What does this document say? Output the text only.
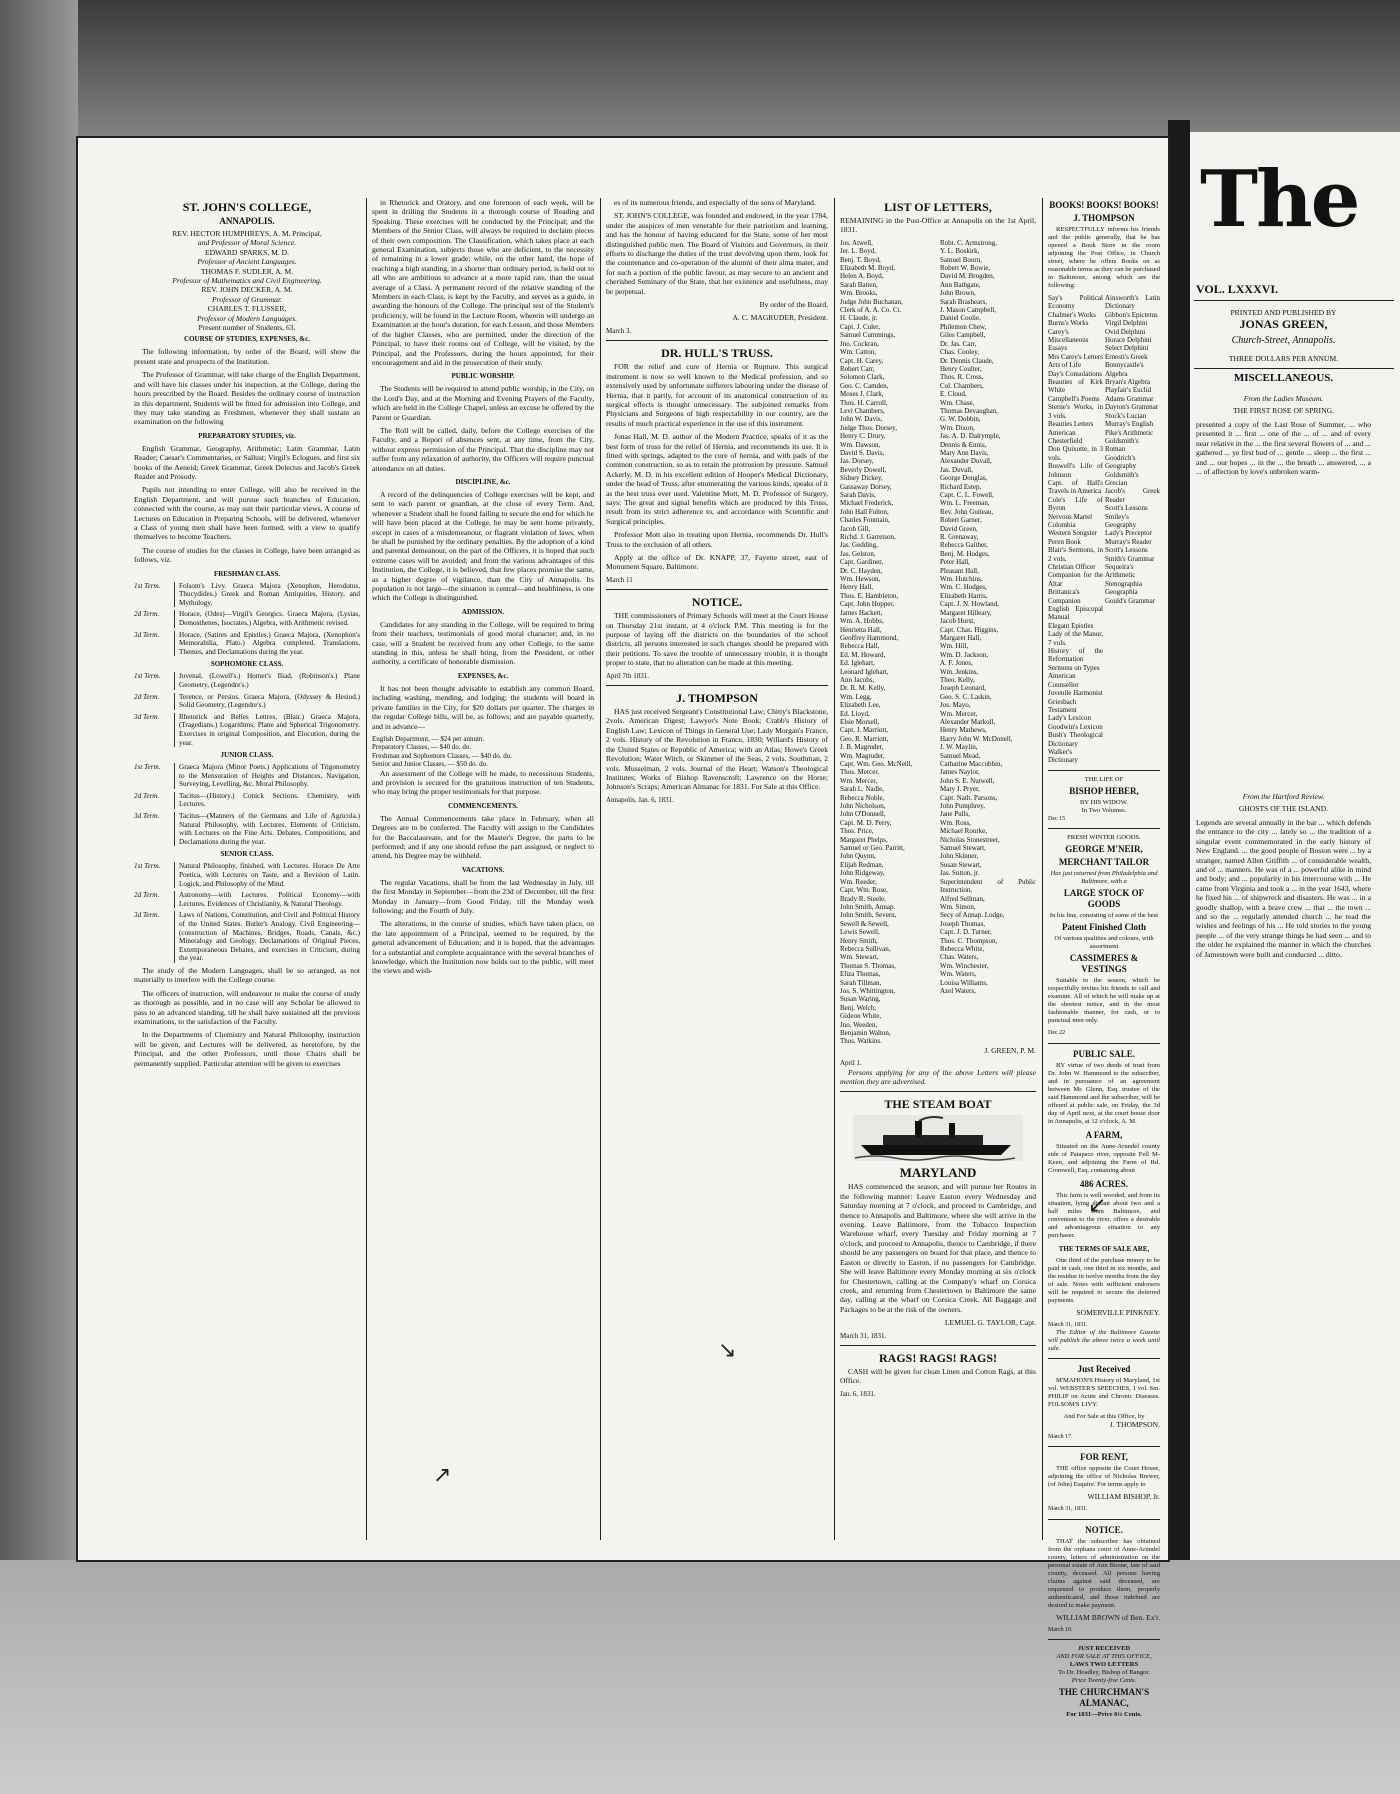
ST. JOHN'S COLLEGE,
ANNAPOLIS.
REV. HECTOR HUMPHREYS, A. M. Principal,
and Professor of Moral Science.
EDWARD SPARKS, M. D.
Professor of Ancient Languages.
THOMAS F. SUDLER, A. M.
Professor of Mathematics and Civil Engineering.
REV. JOHN DECKER, A. M.
Professor of Grammar.
CHARLES T. FLUSSER,
Professor of Modern Languages.
Present number of Students, 63.
COURSE OF STUDIES, EXPENSES, &c.

The following information, by order of the Board, will show the present state and prospects of the Institution.

The Professor of Grammar, will take charge of the English Department, and will have his classes under his inspection, at the College, during the hours prescribed by the Board. Besides the ordinary course of instruction in this department, Students will be fitted for admission into College, and they may take standing as Freshmen, whenever they shall sustain an examination on the following

PREPARATORY STUDIES, viz.

English Grammar, Geography, Arithmetic; Latin Grammar, Latin Reader; Caesar's Commentaries, or Sallust; Virgil's Eclogues, and first six books of the Aeneid; Greek Grammar, Greek Delectus and Jacob's Greek Reader and Prosody.

Pupils not intending to enter College, will also be received in the English Department, and will pursue such branches of Education, connected with the course, as may suit their particular views. A course of Lectures on Education in Preparing Schools, will be delivered, whenever a Class of young men shall have been formed, with a view to qualify themselves to become Teachers.

The course of studies for the classes in College, have been arranged as follows, viz.

FRESHMAN CLASS.
1st Term.	Folsom's Livy. Graeca Majora (Xenophon, Herodotus, Thucydides.) Greek and Roman Antiquities, History, and Mythology.
2d Term.	Horace, (Odes)—Virgil's Georgics. Graeca Majora, (Lysias, Demosthenes, Isocrates.) Algebra, with Arithmetic revised.
3d Term.	Horace, (Satires and Epistles.) Graeca Majora, (Xenophon's Memorabilia, Plato.) Algebra completed. Translations, Themes, and Declamations during the year.
SOPHOMORE CLASS.
1st Term.	Juvenal, (Lowell's.) Homer's Iliad, (Robinson's.) Plane Geometry, (Legendre's.)
2d Term.	Terence, or Persius. Graeca Majora, (Odyssey & Hesiod.) Solid Geometry, (Legendre's.)
3d Term.	Rhetorick and Belles Lettres, (Blair.) Graeca Majora, (Tragedians.) Logarithms; Plane and Spherical Trigonometry. Exercises in original Composition, and Elocution, during the year.
JUNIOR CLASS.
1st Term.	Graeca Majora (Minor Poets.) Applications of Trigonometry to the Mensuration of Heights and Distances, Navigation, Surveying, Levelling, &c. Moral Philosophy.
2d Term.	Tacitus—(History.) Conick Sections. Chemistry, with Lectures.
3d Term.	Tacitus—(Manners of the Germans and Life of Agricola.) Natural Philosophy, with Lectures. Elements of Criticism, with Lectures on the Fine Arts. Debates, Compositions, and Declamations during the year.
SENIOR CLASS.
1st Term.	Natural Philosophy, finished, with Lectures. Horace De Arte Poetica, with Lectures on Taste, and a Revision of Latin. Logick, and Philosophy of the Mind.
2d Term.	Astronomy—with Lectures. Political Economy—with Lectures. Evidences of Christianity, & Natural Theology.
3d Term.	Laws of Nations, Constitution, and Civil and Political History of the United States. Butler's Analogy. Civil Engineering—(construction of Machines, Bridges, Roads, Canals, &c.) Mineralogy and Geology. Declamations of Original Pieces, Extemporaneous Debates, and exercises in Criticism, during the year.

The study of the Modern Languages, shall be so arranged, as not materially to interfere with the College course.

The officers of instruction, will endeavour to make the course of study as thorough as possible, and in no case will any Scholar be allowed to pass to an advanced standing, till he shall have sustained all the previous examinations, to the satisfaction of the Faculty.

In the Departments of Chemistry and Natural Philosophy, instruction will be given, and Lectures will be delivered, as heretofore, by the Principal, and the other Professors, until those Chairs shall be permanently supplied. Particular attention will be given to exercises

in Rhetorick and Oratory, and one forenoon of each week, will be spent in drilling the Students in a thorough course of Reading and Speaking. These exercises will be conducted by the Principal; and the Members of the Senior Class, will always be required to declaim pieces of their own composition. The Classification, which takes place at each general Examination, subjects those who are deficient, to the necessity of remaining in a lower grade; while, on the other hand, the hope of reaching a high standing, in a shorter than ordinary period, is held out to all who are ambitious to advance at a more rapid rate, than the usual average of a Class. A permanent record of the relative standing of the Members in each Class, is kept by the Faculty, and serves as a guide, in awarding the honours of the College. The principal test of the Student's proficiency, will be found in the Lecture Room, wherein will undergo an Examination at the hour's duration, for each Lesson, and those Members of the higher Classes, who are permitted, under the direction of the Principal, to have their rooms out of College, will be visited, by the Principal, and the Professors, during the hours appointed, for their encouragement and aid in the prosecution of their study.

PUBLIC WORSHIP.

The Students will be required to attend public worship, in the City, on the Lord's Day, and at the Morning and Evening Prayers of the Faculty, which are held in the College Chapel, unless an excuse be offered by the Parent or Guardian.

The Roll will be called, daily, before the College exercises of the Faculty, and a Report of absences sent, at any time, from the City, without express permission of the Principal. That the discipline may not suffer from any relaxation of authority, the Officers will require punctual attendance on all duties.

DISCIPLINE, &c.

A record of the delinquencies of College exercises will be kept, and sent to each parent or guardian, at the close of every Term. And, whenever a Student shall be found failing to secure the end for which he will have been placed at the College, he may be sent home privately, except in cases of a misdemeanour, or flagrant violation of laws, when he shall be punished by the ordinary penalties. By the adoption of a kind and parental demeanour, on the part of the Officers, it is hoped that such extreme cases will be avoided; and from the various advantages of this Institution, the College, it is believed, that few places promise the same, as a higher degree of vigilance, than the City of Annapolis. Its population is not large—the situation is central—and healthiness, is one which the College is distinguished.

ADMISSION.

Candidates for any standing in the College, will be required to bring from their teachers, testimonials of good moral character; and, in no case, will a Student be received from any other College, to the same standing in this, unless he shall bring, from the President, or other authority, a certificate of honorable dismission.

EXPENSES, &c.

It has not been thought advisable to establish any common Board, including washing, mending, and lodging; the students will board in private families in the City, for $20 dollars per quarter. The charges in the regular College bills, will be, as follows; and are payable quarterly, and in advance—

English Department, — $24 per annum.
Preparatory Classes, — $40 do. do.
Freshman and Sophomore Classes, — $40 do. do.
Senior and Junior Classes, — $50 do. do.

An assessment of the College will be made, to necessitous Students, and provision is secured for the gratuitous instruction of ten Students, who may bring the proper testimonials for that purpose.

COMMENCEMENTS.

The Annual Commencements take place in February, when all Degrees are to be conferred. The Faculty will assign to the Candidates for the Baccalaureate, and for the Master's Degree, the parts to be performed; and if any one should refuse the part assigned, or neglect to attend, his Degree may be withheld.

VACATIONS.

The regular Vacations, shall be from the last Wednesday in July, till the first Monday in September—from the 23d of December, till the first Monday in January—from Good Friday, till the Monday week following; and the Fourth of July.

The alterations, in the course of studies, which have taken place, on the late appointment of a Principal, seemed to be required, by the general advancement of Education; and it is hoped, that the advantages for a substantial and complete acquaintance with the several branches of knowledge, which the Institution now holds out to the public, will meet the views and wish-

es of its numerous friends, and especially of the sons of Maryland.

ST. JOHN'S COLLEGE, was founded and endowed, in the year 1784, under the auspices of men venerable for their patriotism and learning, and has the honour of having educated for the State, some of her most distinguished public men. The Board of Visitors and Governors, in their efforts to discharge the duties of the trust devolving upon them, look for the countenance and co-operation of the alumni of their alma mater, and for such a portion of the public favour, as may secure to an ancient and cherished Seminary of the State, that her existence and usefulness, may be perpetual.

By order of the Board,
A. C. MAGRUDER, President.
March 3.
DR. HULL'S TRUSS.

FOR the relief and cure of Hernia or Rupture. This surgical instrument is now so well known to the Medical profession, and so extensively used by unfortunate sufferers labouring under the disease of Hernia, that it partly, for account of its anatomical construction of its surgical effects is thought unnecessary. The subjoined remarks from Physicians and Surgeons of high respectability in our country, are the results of much practical experience in the use of this instrument.

Jonas Hall, M. D. author of the Modern Practice, speaks of it as the best form of truss for the relief of Hernia, and recommends its use. It is fitted with springs, adapted to the cure of hernia, and with pads of the common construction, so as to retain the protrusion by pressure. Samuel Ackerly, M. D. in his excellent edition of Hooper's Medical Dictionary, under the head of Truss, after enumerating the various kinds, speaks of it as the best truss ever used. Valentine Mott, M. D. Professor of Surgery, says: The great and signal benefits which are produced by this Truss, result from its strict adherence to, and accordance with Scientific and Surgical principles.

Professor Mott also in treating upon Hernia, recommends Dr. Hull's Truss to the exclusion of all others.

Apply at the office of Dr. KNAPP, 37, Fayette street, east of Monument Square, Baltimore.

March 11
NOTICE.

THE commissioners of Primary Schools will meet at the Court House on Thursday 21st instant, at 4 o'clock P.M. This meeting is for the purpose of laying off the districts on the boundaries of the school districts, all persons interested in such changes should be prepared with their petitions. To save the trouble of unnecessary trouble, it is thought proper to state, that no alteration can be made at this meeting.

April 7th 1831.
J. THOMPSON

HAS just received Sergeant's Constitutional Law; Chitty's Blackstone, 2vols. American Digest; Lawyer's Note Book; Crabb's History of English Law; Lexicon of Things in General Use; Lady Morgan's France, 2 vols. History of the Revolution in France, 1830; Willard's History of the United States or Republic of America; with an Atlas; Howe's Greek Revolution; Water Witch, or Skimmer of the Seas, 2 vols. Southman, 2 vols. Musselman, 2 vols. Journal of the Heart; Watson's Theological Institutes; Works of Bishop Ravenscroft; Lawrence on the Horse; Johnson's Scraps; American Almanac for 1831. For Sale at this Office.

Annapolis, Jan. 6, 1831.
LIST OF LETTERS,

REMAINING in the Post-Office at Annapolis on the 1st April, 1831.

Jos. Atwell,
Jer. L. Boyd,
Benj. T. Boyd,
Elizabeth M. Boyd,
Helen A. Boyd,
Sarah Batten,
Wm. Brooks,
Judge John Buchanan,
Clerk of A. A. Co. Ct.
H. Claude, jr.
Capt. J. Culer,
Samuel Cummings,
Jno. Cockran,
Wm. Catton,
Capt. H. Carey,
Robert Carr,
Solomon Clark,
Geo. C. Camden,
Moses J. Clark,
Thos. H. Carroll,
Levi Chambers,
John W. Davis,
Judge Thos. Dorsey,
Henry C. Drury,
Wm. Dawson,
David S. Davis,
Jas. Dorsey,
Beverly Dowell,
Sidney Dickey,
Gassaway Dorsey,
Sarah Davis,
Michael Frederick,
John Hall Fulton,
Charles Fountain,
Jacob Gill,
Richd. J. Garretson,
Jas. Gedding,
Jas. Gelston,
Capt. Gardiner,
Dr. C. Hayden,
Wm. Hewson,
Henry Hall,
Thos. E. Hambleton,
Capt. John Hopper,
James Hackett,
Wm. A. Hobbs,
Henrietta Hall,
Geoffrey Hammond,
Rebecca Hall,
Ed. M. Howard,
Ed. Iglehart,
Leonard Iglehart,
Ann Jacobs,
Dr. R. M. Kelly,
Wm. Legg,
Elizabeth Lee,
Ed. Lloyd,
Elsie Morsell,
Capt. J. Marriott,
Geo. R. Marriott,
J. B. Magruder,
Wm. Magruder,
Capt. Wm. Geo. McNeill,
Thos. Mercer,
Wm. Mercer,
Sarah L. Nadle,
Rebecca Noble,
John Nicholson,
John O'Donnell,
Capt. M. D. Perry,
Thos. Price,
Margaret Phelps,
Samuel or Geo. Parritt,
John Quynn,
Elijah Redman,
John Ridgeway,
Wm. Reeder,
Capt. Wm. Rose,
Brady R. Steele,
John Smith, Annap.
John Smith, Severn,
Sewell & Sewell,
Lewis Sewell,
Henry Smith,
Rebecca Sullivan,
Wm. Stewart,
Thomas S. Thomas,
Eliza Thomas,
Sarah Tillman,
Jos. S. Whittington,
Susan Waring,
Benj. Welch,
Gideon White,
Jno. Weeden,
Benjamin Walton,
Thos. Watkins.
Robt. C. Armstrong,
Y. L. Boskirk,
Samuel Bourn,
Robert W. Bowie,
David M. Brogden,
Ann Bathgate,
John Brown,
Sarah Brashears,
J. Mason Campbell,
Daniel Coolie,
Philemon Chew,
Giles Campbell,
Dr. Jas. Carr,
Chas. Cooley,
Dr. Dennis Claude,
Henry Coulter,
Thos. R. Cross,
Col. Chambers,
E. Cloud,
Wm. Chase,
Thomas Devaughan,
G. W. Dobbin,
Wm. Dixon,
Jas. A. D. Dalrymple,
Dennis & Ennis,
Mary Ann Davis,
Alexander Duvall,
Jas. Duvall,
George Douglas,
Richard Estep,
Capt. C. L. Fowell,
Wm. L. Freeman,
Rev. John Guiteau,
Robert Garner,
David Green,
R. Grenaway,
Rebecca Gaither,
Benj. M. Hodges,
Peter Hall,
Pleasant Hall,
Wm. Hutchins,
Wm. C. Hodges,
Elizabeth Harris,
Capt. J. N. Howland,
Margaret Hilleary,
Jacob Hurst,
Capt. Chas. Higgins,
Margaret Hall,
Wm. Hill,
Wm. D. Jackson,
A. F. Jones,
Wm. Jenkins,
Theo. Kelly,
Joseph Leonard,
Geo. S. C. Laskin,
Jos. Mayo,
Wm. Mercer,
Alexander Markoll,
Henry Mathews,
Harry John W. McDonell,
J. W. Maylin,
Samuel Mead,
Catharine Maccubbin,
James Naylor,
John S. E. Nutwell,
Mary J. Pryer,
Capt. Nath. Parsons,
John Pumphrey,
Jane Pulls,
Wm. Ross,
Michael Rourke,
Nicholas Stonestreet,
Samuel Stewart,
John Skinner,
Susan Stewart,
Jas. Sutton, jr.
Superintendent of Public Instruction,
Alfred Sellman,
Wm. Simon,
Secy of Annap. Lodge,
Joseph Thomas,
Capt. J. D. Turner,
Thos. C. Thompson,
Rebecca White,
Chas. Waters,
Wm. Winchester,
Wm. Waters,
Louisa Williams,
Azel Waters,
J. GREEN, P. M.
April 1.

Persons applying for any of the above Letters will please mention they are advertised.

THE STEAM BOAT
MARYLAND

HAS commenced the season, and will pursue her Routes in the following manner: Leave Easton every Wednesday and Saturday morning at 7 o'clock, and proceed to Cambridge, and thence to Annapolis and Baltimore, where she will arrive in the evening. Leave Baltimore, from the Tobacco Inspection Warehouse wharf, every Tuesday and Friday morning at 7 o'clock, and proceed to Annapolis, thence to Cambridge, if there should be any passengers on board for that place, and thence to Easton or directly to Easton, if no passengers for Cambridge. She will leave Baltimore every Monday morning at six o'clock for Chestertown, calling at the Company's wharf on Corsica creek, and returning from Chestertown to Baltimore the same day, calling at the wharf on Corsica Creek. All Baggage and Packages to be at the risk of the owners.

LEMUEL G. TAYLOR, Capt.
March 31, 1831.
RAGS! RAGS! RAGS!

CASH will be given for clean Linen and Cotton Rags, at this Office.

Jan. 6, 1831.
BOOKS! BOOKS! BOOKS!
J. THOMPSON

RESPECTFULLY informs his friends and the public generally, that he has opened a Book Store in the room adjoining the Post Office, in Church street, where he offers Books on as reasonable terms as they can be purchased in Baltimore, among which are the following:

Say's Political Economy
Chalmer's Works
Burns's Works
Carey's Miscellaneous Essays
Mrs Carey's Letters
Arts of Life
Day's Consolations
Beauties of Kirk White
Campbell's Poems
Sterne's Works, in 3 vols.
Beauties Letters
American Chesterfield
Don Quixotte, in 3 vols.
Boswell's Life of Johnson
Capt. of Hall's Travels in America
Cole's Life of Byron
Nervous Martel
Colombia
Western Songster
Peren Book
Blair's Sermons, in 2 vols.
Christian Officer
Companion for the Altar
Brittanica's Companion
English Episcopal Manual
Elegant Epistles
Lady of the Manor, 7 vols.
History of the Reformation
Sermons on Types
American Counsellor
Juvenile Harmonist
Griesbach Testament
Lady's Lexicon
Goodwin's Lexicon
Bush's Theological Dictionary
Walker's Dictionary
Ainsworth's Latin Dictionary
Gibbon's Epictetus
Virgil Delphini
Ovid Delphini
Horace Delphini
Select Delphini
Ernesti's Greek
Bonnycastle's Algebra
Bryan's Algebra
Playfair's Euclid
Adams Grammar
Dayton's Grammar
Stock's Lucian
Murray's English
Pike's Arithmetic
Goldsmith's Roman
Goodrich's Geography
Goldsmith's Grecian
Jacob's Greek Reader
Scott's Lessons
Smiley's Geography
Lady's Preceptor
Murray's Reader
Scott's Lessons
Smith's Grammar
Sequeira's Arithmetic
Stenographia Geographia
Gould's Grammar
THE LIFE OF
BISHOP HEBER,
BY HIS WIDOW.
In Two Volumes.
Dec 15
FRESH WINTER GOODS.
GEORGE M'NEIR,
MERCHANT TAILOR
Has just returned from Philadelphia and Baltimore, with a
LARGE STOCK OF GOODS
In his line, consisting of some of the best
Patent Finished Cloth
Of various qualities and colours, with assortment
CASSIMERES & VESTINGS

Suitable to the season, which he respectfully invites his friends to call and examine. All of which he will make up at the shortest notice, and in the most fashionable manner, for cash, or to punctual men only.

Dec 22
PUBLIC SALE.

BY virtue of two deeds of trust from Dr. John W. Hammond to the subscriber, and in pursuance of an agreement between Mr. Glenn, Esq. trustee of the said Hammond and the subscriber, will be offered at public sale, on Friday, the 3d day of April next, at the court house door in Annapolis, at 12 o'clock, A. M.

A FARM,

Situated on the Anne-Arundel county side of Patapsco river, opposite Fell M-Keen, and adjoining the Farm of Rd. Cromwell, Esq. containing about

486 ACRES.

This farm is well wooded, and from its situation, lying distant about two and a half miles from Baltimore, and convenient to the river, offers a desirable and advantageous situation to any purchaser.

THE TERMS OF SALE ARE,

One third of the purchase money to be paid in cash, one third in six months, and the residue in twelve months from the day of sale. Notes with sufficient endorsers will be required to secure the deferred payments.

SOMERVILLE PINKNEY.
March 31, 1831.

The Editor of the Baltimore Gazette will publish the above twice a week until sale.

Just Received

M'MAHON'S History of Maryland, 1st vol. WEBSTER'S SPEECHES, 1 vol. Sm. PHILIP on Acute and Chronic Diseases. FOLSOM'S LIVY.

And For Sale at this Office, by
J. THOMPSON.
March 17.
FOR RENT,

THE office opposite the Court House, adjoining the office of Nicholas Brewer, (of John) Esquire. For terms apply to

WILLIAM BISHOP, Jr.
March 31, 1831.
NOTICE.

THAT the subscriber has obtained from the orphans court of Anne-Arundel county, letters of administration on the personal estate of Ann Boone, late of said county, deceased. All persons having claims against said deceased, are requested to produce them, properly authenticated, and those indebted are desired to make payment.

WILLIAM BROWN of Ben. Ex'r.
March 10.
JUST RECEIVED
AND FOR SALE AT THIS OFFICE,
LAWS TWO LETTERS
To Dr. Hoadley, Bishop of Bangor.
Price Twenty-five Cents.
THE CHURCHMAN'S ALMANAC,
For 1831—Price 6¼ Cents.
↗
↘
↙
The
VOL. LXXXVI.
PRINTED AND PUBLISHED BY
JONAS GREEN,
Church-Street, Annapolis.
THREE DOLLARS PER ANNUM.
MISCELLANEOUS.
From the Ladies Museum.
THE FIRST ROSE OF SPRING.
presented a copy of the Last Rose of Summer, ... who presented it ... first ... one of the ... of ... and of every near relative in the ... the first several flowers of ... and ... gathered ... ye first bud of ... gentle ... sleep ... the first ... and ... our hopes ... in the ... the breath ... answered, ... a ... of affection by love's unbroken warm-
From the Hartford Review.
GHOSTS OF THE ISLAND.
Legends are several annually in the bar ... which defends the entrance to the city ... lately so ... the tradition of a singular event commemorated in the early history of New England. ... the good people of Boston were ... by a stranger, named Allen Griffith ... of considerable wealth, and of ... manners. He was of a ... powerful alike in mind and body; and ... popularity in his intercourse with ... He came from Virginia and took a ... in the year 1643, where he fixed his ... of shipwreck and disasters. He was ... in a goodly shallop, with a brave crew ... that ... the town ... and so the ... regularly attended church ... he read the wishes and feelings of his ... He told stories to the young people ... of the very strange things he had seen ... and to the older he explained the manner in which the churches of Jamestown were built and conducted ... ditto.
